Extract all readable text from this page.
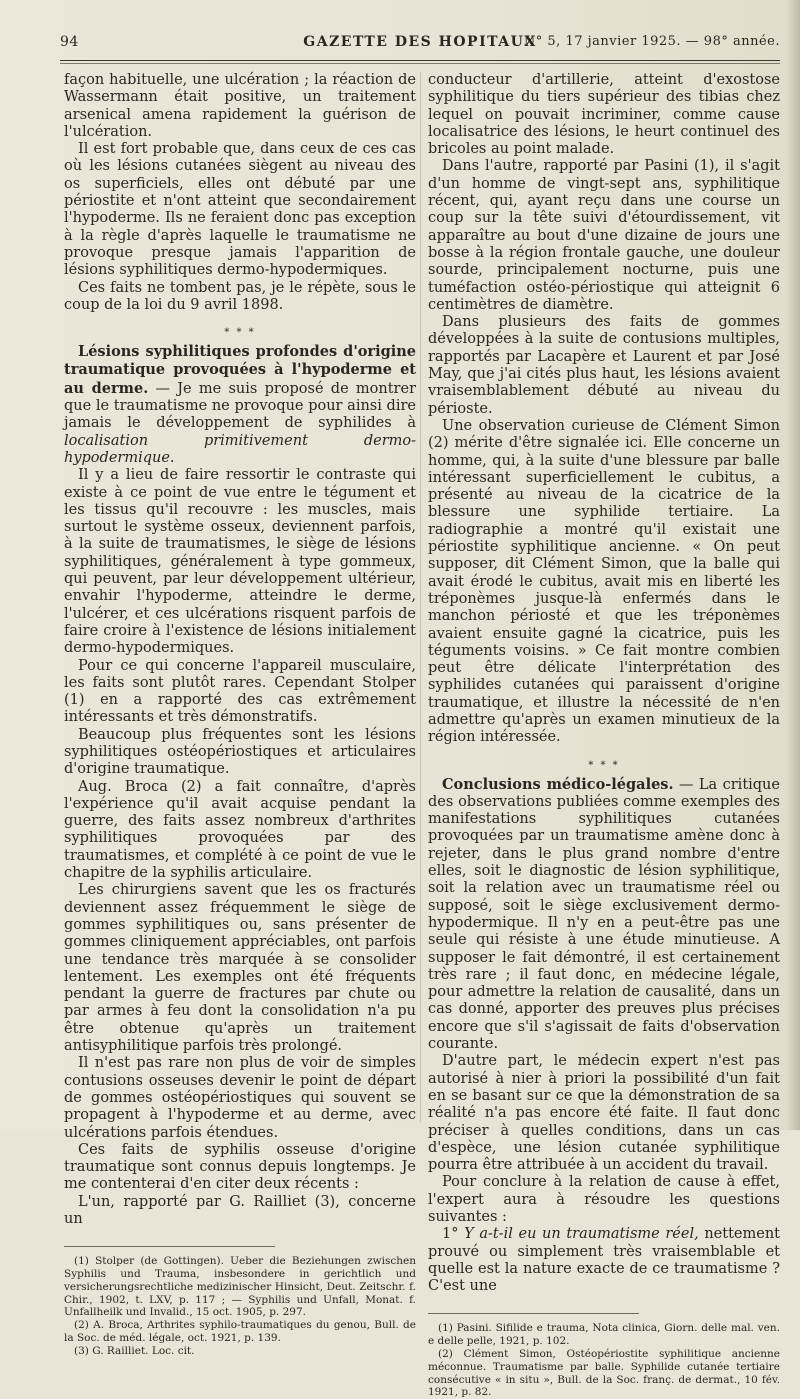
94	GAZETTE DES HOPITAUX
N° 5, 17 janvier 1925. — 98° année.

façon habituelle, une ulcération ; la réaction de Wassermann était positive, un traitement arsenical amena rapidement la guérison de l'ulcération.

Il est fort probable que, dans ceux de ces cas où les lésions cutanées siègent au niveau des os superficiels, elles ont débuté par une périostite et n'ont atteint que secondairement l'hypoderme. Ils ne feraient donc pas exception à la règle d'après laquelle le traumatisme ne provoque presque jamais l'apparition de lésions syphilitiques dermo-hypodermiques.

Ces faits ne tombent pas, je le répète, sous le coup de la loi du 9 avril 1898.

* * *

Lésions syphilitiques profondes d'origine traumatique provoquées à l'hypoderme et au derme. — Je me suis proposé de montrer que le traumatisme ne provoque pour ainsi dire jamais le développement de syphilides à localisation primitivement dermo-hypodermique.

Il y a lieu de faire ressortir le contraste qui existe à ce point de vue entre le tégument et les tissus qu'il recouvre : les muscles, mais surtout le système osseux, deviennent parfois, à la suite de traumatismes, le siège de lésions syphilitiques, généralement à type gommeux, qui peuvent, par leur développement ultérieur, envahir l'hypoderme, atteindre le derme, l'ulcérer, et ces ulcérations risquent parfois de faire croire à l'existence de lésions initialement dermo-hypodermiques.

Pour ce qui concerne l'appareil musculaire, les faits sont plutôt rares. Cependant Stolper (1) en a rapporté des cas extrêmement intéressants et très démonstratifs.

Beaucoup plus fréquentes sont les lésions syphilitiques ostéopériostiques et articulaires d'origine traumatique.

Aug. Broca (2) a fait connaître, d'après l'expérience qu'il avait acquise pendant la guerre, des faits assez nombreux d'arthrites syphilitiques provoquées par des traumatismes, et complété à ce point de vue le chapitre de la syphilis articulaire.

Les chirurgiens savent que les os fracturés deviennent assez fréquemment le siège de gommes syphilitiques ou, sans présenter de gommes cliniquement appréciables, ont parfois une tendance très marquée à se consolider lentement. Les exemples ont été fréquents pendant la guerre de fractures par chute ou par armes à feu dont la consolidation n'a pu être obtenue qu'après un traitement antisyphilitique parfois très prolongé.

Il n'est pas rare non plus de voir de simples contusions osseuses devenir le point de départ de gommes ostéopériostiques qui souvent se propagent à l'hypoderme et au derme, avec ulcérations parfois étendues.

Ces faits de syphilis osseuse d'origine traumatique sont connus depuis longtemps. Je me contenterai d'en citer deux récents :

L'un, rapporté par G. Railliet (3), concerne un

(1) Stolper (de Gottingen). Ueber die Beziehungen zwischen Syphilis und Trauma, insbesondere in gerichtlich und versicherungsrechtliche medizinischer Hinsicht, Deut. Zeitschr. f. Chir., 1902, t. LXV, p. 117 ; — Syphilis und Unfall, Monat. f. Unfallheilk und Invalid., 15 oct. 1905, p. 297.

(2) A. Broca, Arthrites syphilo-traumatiques du genou, Bull. de la Soc. de méd. légale, oct. 1921, p. 139.

(3) G. Railliet. Loc. cit.

conducteur d'artillerie, atteint d'exostose syphilitique du tiers supérieur des tibias chez lequel on pouvait incriminer, comme cause localisatrice des lésions, le heurt continuel des bricoles au point malade.

Dans l'autre, rapporté par Pasini (1), il s'agit d'un homme de vingt-sept ans, syphilitique récent, qui, ayant reçu dans une course un coup sur la tête suivi d'étourdissement, vit apparaître au bout d'une dizaine de jours une bosse à la région frontale gauche, une douleur sourde, principalement nocturne, puis une tuméfaction ostéo-périostique qui atteignit 6 centimètres de diamètre.

Dans plusieurs des faits de gommes développées à la suite de contusions multiples, rapportés par Lacapère et Laurent et par José May, que j'ai cités plus haut, les lésions avaient vraisemblablement débuté au niveau du périoste.

Une observation curieuse de Clément Simon (2) mérite d'être signalée ici. Elle concerne un homme, qui, à la suite d'une blessure par balle intéressant superficiellement le cubitus, a présenté au niveau de la cicatrice de la blessure une syphilide tertiaire. La radiographie a montré qu'il existait une périostite syphilitique ancienne. « On peut supposer, dit Clément Simon, que la balle qui avait érodé le cubitus, avait mis en liberté les tréponèmes jusque-là enfermés dans le manchon périosté et que les tréponèmes avaient ensuite gagné la cicatrice, puis les téguments voisins. » Ce fait montre combien peut être délicate l'interprétation des syphilides cutanées qui paraissent d'origine traumatique, et illustre la nécessité de n'en admettre qu'après un examen minutieux de la région intéressée.

* * *

Conclusions médico-légales. — La critique des observations publiées comme exemples des manifestations syphilitiques cutanées provoquées par un traumatisme amène donc à rejeter, dans le plus grand nombre d'entre elles, soit le diagnostic de lésion syphilitique, soit la relation avec un traumatisme réel ou supposé, soit le siège exclusivement dermo-hypodermique. Il n'y en a peut-être pas une seule qui résiste à une étude minutieuse. A supposer le fait démontré, il est certainement très rare ; il faut donc, en médecine légale, pour admettre la relation de causalité, dans un cas donné, apporter des preuves plus précises encore que s'il s'agissait de faits d'observation courante.

D'autre part, le médecin expert n'est pas autorisé à nier à priori la possibilité d'un fait en se basant sur ce que la démonstration de sa réalité n'a pas encore été faite. Il faut donc préciser à quelles conditions, dans un cas d'espèce, une lésion cutanée syphilitique pourra être attribuée à un accident du travail.

Pour conclure à la relation de cause à effet, l'expert aura à résoudre les questions suivantes :

1° Y a-t-il eu un traumatisme réel, nettement prouvé ou simplement très vraisemblable et quelle est la nature exacte de ce traumatisme ? C'est une

(1) Pasini. Sifilide e trauma, Nota clinica, Giorn. delle mal. ven. e delle pelle, 1921, p. 102.

(2) Clément Simon, Ostéopériostite syphilitique ancienne méconnue. Traumatisme par balle. Syphilide cutanée tertiaire consécutive « in situ », Bull. de la Soc. franç. de dermat., 10 fév. 1921, p. 82.
